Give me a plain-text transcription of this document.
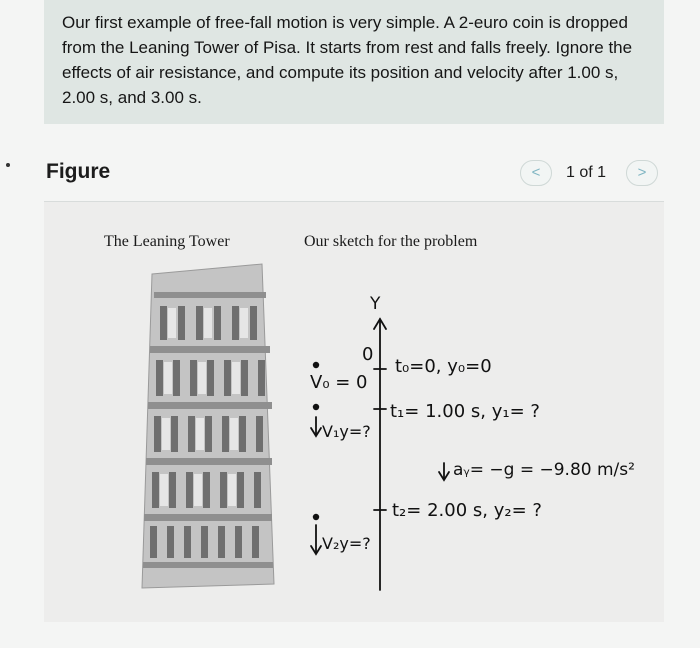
Our first example of free-fall motion is very simple. A 2-euro coin is dropped from the Leaning Tower of Pisa. It starts from rest and falls freely. Ignore the effects of air resistance, and compute its position and velocity after 1.00 s, 2.00 s, and 3.00 s.
Figure	<	1 of 1	>
The Leaning Tower	Our sketch for the problem
Y
0
V₀ = 0
t₀=0, y₀=0
t₁= 1.00 s, y₁= ?
V₁y=?
aᵧ= −g = −9.80 m/s²
t₂= 2.00 s, y₂= ?
V₂y=?
